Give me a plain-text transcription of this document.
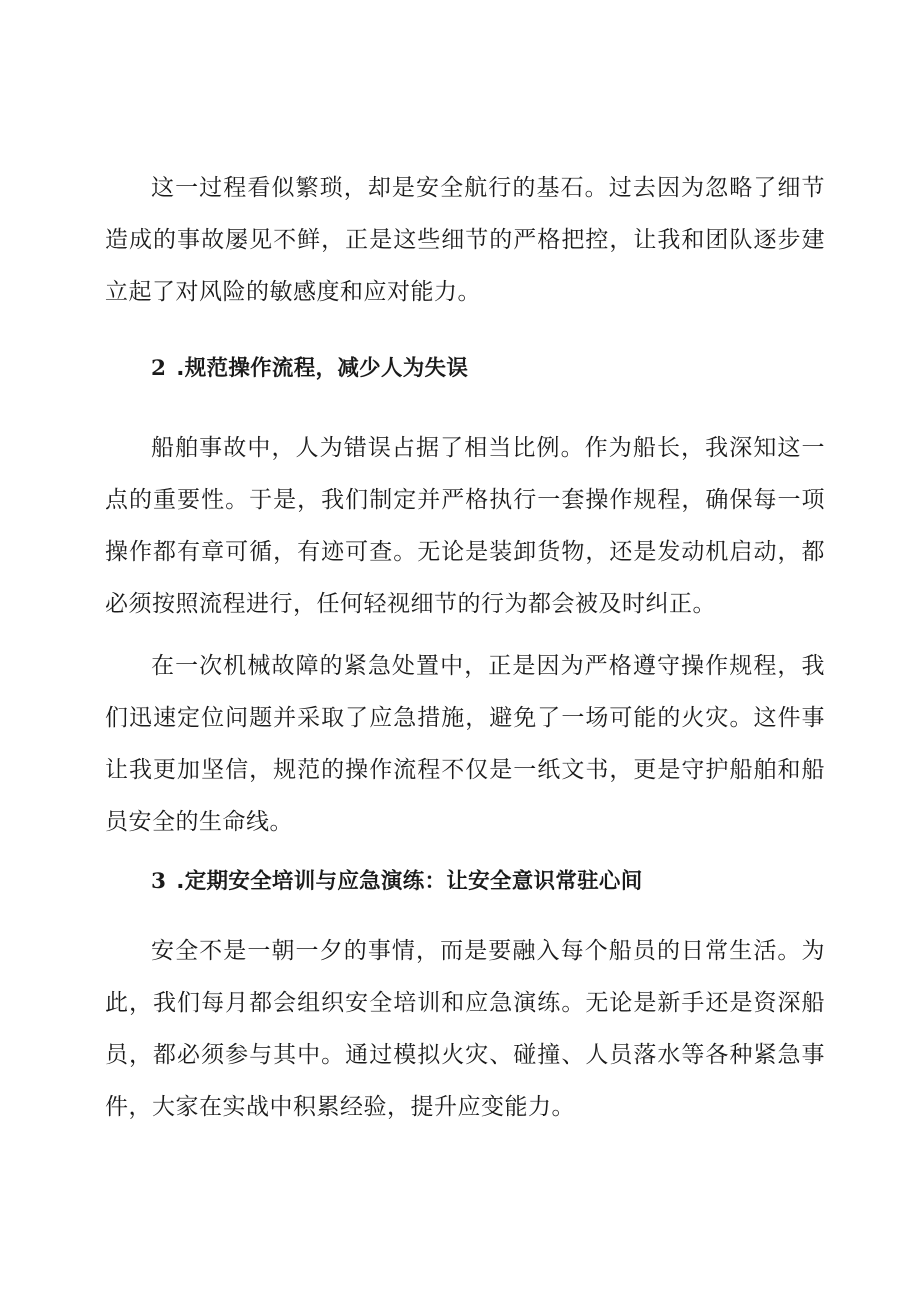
这一过程看似繁琐，却是安全航行的基石。过去因为忽略了细节造成的事故屡见不鲜，正是这些细节的严格把控，让我和团队逐步建立起了对风险的敏感度和应对能力。

2 .规范操作流程，减少人为失误

船舶事故中，人为错误占据了相当比例。作为船长，我深知这一点的重要性。于是，我们制定并严格执行一套操作规程，确保每一项操作都有章可循，有迹可查。无论是装卸货物，还是发动机启动，都必须按照流程进行，任何轻视细节的行为都会被及时纠正。

在一次机械故障的紧急处置中，正是因为严格遵守操作规程，我们迅速定位问题并采取了应急措施，避免了一场可能的火灾。这件事让我更加坚信，规范的操作流程不仅是一纸文书，更是守护船舶和船员安全的生命线。

3 .定期安全培训与应急演练：让安全意识常驻心间

安全不是一朝一夕的事情，而是要融入每个船员的日常生活。为此，我们每月都会组织安全培训和应急演练。无论是新手还是资深船员，都必须参与其中。通过模拟火灾、碰撞、人员落水等各种紧急事件，大家在实战中积累经验，提升应变能力。
